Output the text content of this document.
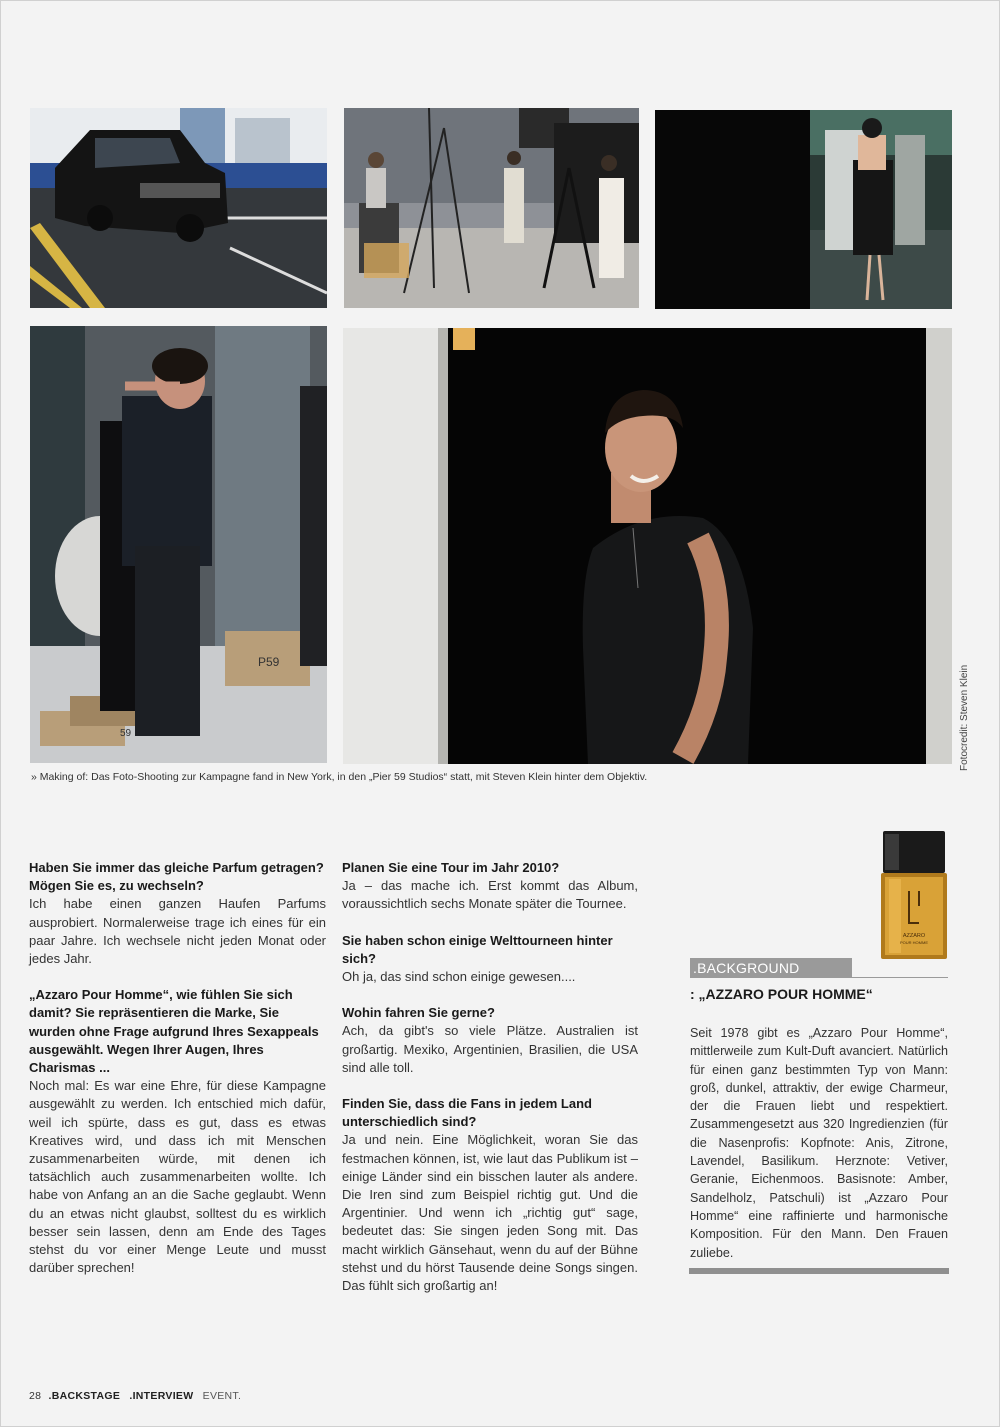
P59
59	Fotocredit: Steven Klein
» Making of: Das Foto-Shooting zur Kampagne fand in New York, in den „Pier 59 Studios“ statt, mit Steven Klein hinter dem Objektiv.
Haben Sie immer das gleiche Parfum getragen? Mögen Sie es, zu wechseln?
Ich habe einen ganzen Haufen Parfums ausprobiert. Normalerweise trage ich eines für ein paar Jahre. Ich wechsele nicht jeden Monat oder jedes Jahr.
„Azzaro Pour Homme“, wie fühlen Sie sich damit? Sie repräsentieren die Marke, Sie wurden ohne Frage aufgrund Ihres Sexappeals ausgewählt. Wegen Ihrer Augen, Ihres Charismas ...
Noch mal: Es war eine Ehre, für diese Kampagne ausgewählt zu werden. Ich entschied mich dafür, weil ich spürte, dass es gut, dass es etwas Kreatives wird, und dass ich mit Menschen zusammenarbeiten würde, mit denen ich tatsächlich auch zusammenarbeiten wollte. Ich habe von Anfang an an die Sache geglaubt. Wenn du an etwas nicht glaubst, solltest du es wirklich besser sein lassen, denn am Ende des Tages stehst du vor einer Menge Leute und musst darüber sprechen!
Planen Sie eine Tour im Jahr 2010?
Ja – das mache ich. Erst kommt das Album, voraussichtlich sechs Monate später die Tournee.
Sie haben schon einige Welttourneen hinter sich?
Oh ja, das sind schon einige gewesen....
Wohin fahren Sie gerne?
Ach, da gibt's so viele Plätze. Australien ist großartig. Mexiko, Argentinien, Brasilien, die USA sind alle toll.
Finden Sie, dass die Fans in jedem Land unterschiedlich sind?
Ja und nein. Eine Möglichkeit, woran Sie das festmachen können, ist, wie laut das Publikum ist – einige Länder sind ein bisschen lauter als andere. Die Iren sind zum Beispiel richtig gut. Und die Argentinier. Und wenn ich „richtig gut“ sage, bedeutet das: Sie singen jeden Song mit. Das macht wirklich Gänsehaut, wenn du auf der Bühne stehst und du hörst Tausende deine Songs singen. Das fühlt sich großartig an!
AZZARO
POUR HOMME
.BACKGROUND
: „AZZARO POUR HOMME“
Seit 1978 gibt es „Azzaro Pour Homme“, mittlerweile zum Kult-Duft avanciert. Natürlich für einen ganz bestimmten Typ von Mann: groß, dunkel, attraktiv, der ewige Charmeur, der die Frauen liebt und respektiert. Zusammengesetzt aus 320 Ingredienzien (für die Nasenprofis: Kopfnote: Anis, Zitrone, Lavendel, Basilikum. Herznote: Vetiver, Geranie, Eichenmoos. Basisnote: Amber, Sandelholz, Patschuli) ist „Azzaro Pour Homme“ eine raffinierte und harmonische Komposition. Für den Mann. Den Frauen zuliebe.
28 .BACKSTAGE .INTERVIEW EVENT.
